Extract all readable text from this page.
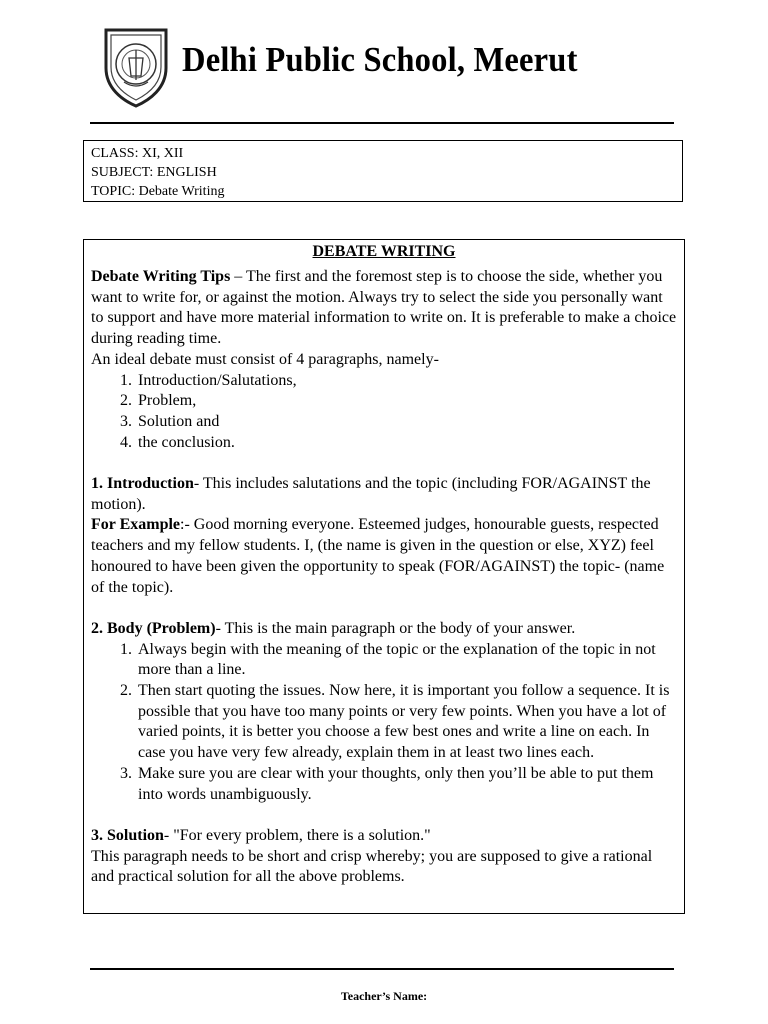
Delhi Public School, Meerut
CLASS: XI, XII
SUBJECT: ENGLISH
TOPIC: Debate Writing
DEBATE WRITING

Debate Writing Tips – The first and the foremost step is to choose the side, whether you want to write for, or against the motion. Always try to select the side you personally want to support and have more material information to write on. It is preferable to make a choice during reading time.

An ideal debate must consist of 4 paragraphs, namely-

1. Introduction/Salutations,
2. Problem,
3. Solution and
4. the conclusion.

1. Introduction- This includes salutations and the topic (including FOR/AGAINST the motion).

For Example:- Good morning everyone. Esteemed judges, honourable guests, respected teachers and my fellow students. I, (the name is given in the question or else, XYZ) feel honoured to have been given the opportunity to speak (FOR/AGAINST) the topic- (name of the topic).

2. Body (Problem)- This is the main paragraph or the body of your answer.

1. Always begin with the meaning of the topic or the explanation of the topic in not more than a line.
2. Then start quoting the issues. Now here, it is important you follow a sequence. It is possible that you have too many points or very few points. When you have a lot of varied points, it is better you choose a few best ones and write a line on each. In case you have very few already, explain them in at least two lines each.
3. Make sure you are clear with your thoughts, only then you’ll be able to put them into words unambiguously.

3. Solution- "For every problem, there is a solution."

This paragraph needs to be short and crisp whereby; you are supposed to give a rational and practical solution for all the above problems.

Teacher’s Name:
